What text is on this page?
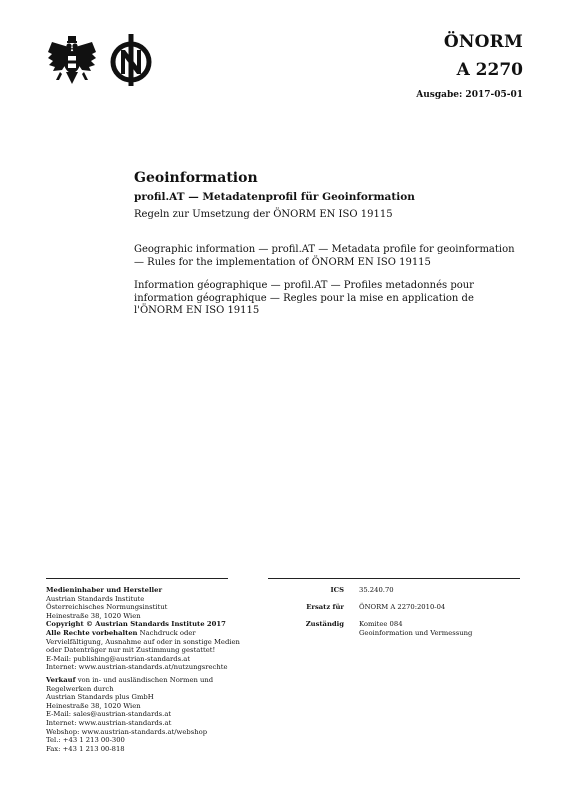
ÖNORM
A 2270
Ausgabe: 2017-05-01
Geoinformation
profil.AT — Metadatenprofil für Geoinformation
Regeln zur Umsetzung der ÖNORM EN ISO 19115
Geographic information — profil.AT — Metadata profile for geoinformation — Rules for the implementation of ÖNORM EN ISO 19115
Information géographique — profil.AT — Profiles metadonnés pour information géographique — Regles pour la mise en application de l'ÖNORM EN ISO 19115
Medieninhaber und Hersteller
Austrian Standards Institute
Österreichisches Normungsinstitut
Heinestraße 38, 1020 Wien
Copyright © Austrian Standards Institute 2017
Alle Rechte vorbehalten Nachdruck oder
Vervielfältigung, Ausnahme auf oder in sonstige Medien
oder Datenträger nur mit Zustimmung gestattet!
E-Mail: publishing@austrian-standards.at
Internet: www.austrian-standards.at/nutzungsrechte
Verkauf von in- und ausländischen Normen und
Regelwerken durch
Austrian Standards plus GmbH
Heinestraße 38, 1020 Wien
E-Mail: sales@austrian-standards.at
Internet: www.austrian-standards.at
Webshop: www.austrian-standards.at/webshop
Tel.: +43 1 213 00-300
Fax: +43 1 213 00-818
ICS 35.240.70
Ersatz für ÖNORM A 2270:2010-04
Zuständig Komitee 084
Geoinformation und Vermessung
